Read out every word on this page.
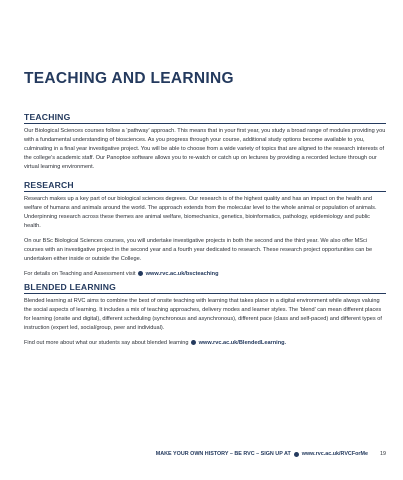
TEACHING AND LEARNING
TEACHING

Our Biological Sciences courses follow a ‘pathway’ approach. This means that in your first year, you study a broad range of modules providing you with a fundamental understanding of biosciences. As you progress through your course, additional study options become available to you, culminating in a final year investigative project. You will be able to choose from a wide variety of topics that are aligned to the research interests of the college’s academic staff. Our Panoptoe software allows you to re-watch or catch up on lectures by providing a recorded lecture through our virtual learning environment.

RESEARCH

Research makes up a key part of our biological sciences degrees. Our research is of the highest quality and has an impact on the health and welfare of humans and animals around the world. The approach extends from the molecular level to the whole animal or population of animals. Underpinning research across these themes are animal welfare, biomechanics, genetics, bioinformatics, pathology, epidemiology and public health.

On our BSc Biological Sciences courses, you will undertake investigative projects in both the second and the third year. We also offer MSci courses with an investigative project in the second year and a fourth year dedicated to research. These research project opportunities can be undertaken either inside or outside the College.

For details on Teaching and Assessment visit www.rvc.ac.uk/bscteaching
BLENDED LEARNING

Blended learning at RVC aims to combine the best of onsite teaching with learning that takes place in a digital environment while always valuing the social aspects of learning. It includes a mix of teaching approaches, delivery modes and learner styles. The ‘blend’ can mean different places for learning (onsite and digital), different scheduling (synchronous and asynchronous), different pace (class and self-paced) and different types of instruction (expert led, social/group, peer and individual).

Find out more about what our students say about blended learning www.rvc.ac.uk/BlendedLearning.
MAKE YOUR OWN HISTORY – BE RVC – SIGN UP AT www.rvc.ac.uk/RVCForMe 19
